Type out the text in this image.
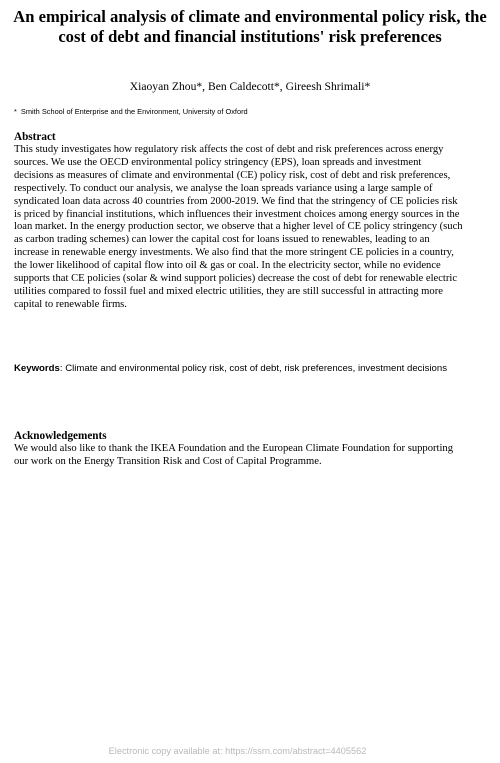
An empirical analysis of climate and environmental policy risk, the cost of debt and financial institutions' risk preferences
Xiaoyan Zhou*, Ben Caldecott*, Gireesh Shrimali*
* Smith School of Enterprise and the Environment, University of Oxford
Abstract

This study investigates how regulatory risk affects the cost of debt and risk preferences across energy sources. We use the OECD environmental policy stringency (EPS), loan spreads and investment decisions as measures of climate and environmental (CE) policy risk, cost of debt and risk preferences, respectively. To conduct our analysis, we analyse the loan spreads variance using a large sample of syndicated loan data across 40 countries from 2000-2019. We find that the stringency of CE policies risk is priced by financial institutions, which influences their investment choices among energy sources in the loan market. In the energy production sector, we observe that a higher level of CE policy stringency (such as carbon trading schemes) can lower the capital cost for loans issued to renewables, leading to an increase in renewable energy investments. We also find that the more stringent CE policies in a country, the lower likelihood of capital flow into oil & gas or coal. In the electricity sector, while no evidence supports that CE policies (solar & wind support policies) decrease the cost of debt for renewable electric utilities compared to fossil fuel and mixed electric utilities, they are still successful in attracting more capital to renewable firms.

Keywords: Climate and environmental policy risk, cost of debt, risk preferences, investment decisions
Acknowledgements

We would also like to thank the IKEA Foundation and the European Climate Foundation for supporting our work on the Energy Transition Risk and Cost of Capital Programme.

Electronic copy available at: https://ssrn.com/abstract=4405562
